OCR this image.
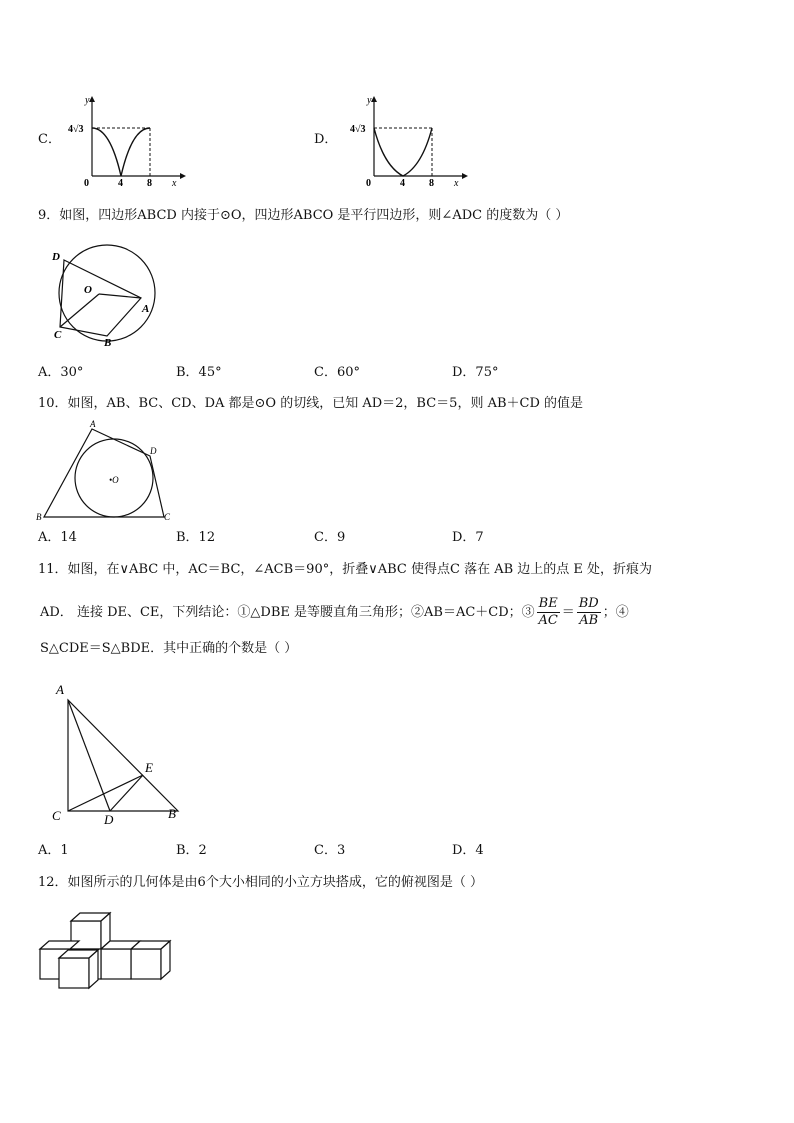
C．
y
x
4√3
0	4 8
D．
y
x
4√3
0	4 8
9．如图，四边形ABCD 内接于⊙O，四边形ABCO 是平行四边形，则∠ADC 的度数为（ ）
D
O
A
C
B
A．30°	B．45°	C．60°	D．75°
10．如图，AB、BC、CD、DA 都是⊙O 的切线，已知 AD＝2，BC＝5，则 AB＋CD 的值是
A
D
•O
B	C
A．14	B．12	C．9	D．7
11．如图，在∨ABC 中，AC＝BC，∠ACB＝90°，折叠∨ABC 使得点C 落在 AB 边上的点 E 处，折痕为
AD． 连接 DE、CE，下列结论：①△DBE 是等腰直角三角形；②AB＝AC＋CD；③ $\frac{BE}{AC} = \frac{BD}{AB}$ ；④
S△CDE＝S△BDE．其中正确的个数是（ ）
A
E
C	D	B
A．1	B．2	C．3	D．4
12．如图所示的几何体是由6个大小相同的小立方块搭成，它的俯视图是（ ）
